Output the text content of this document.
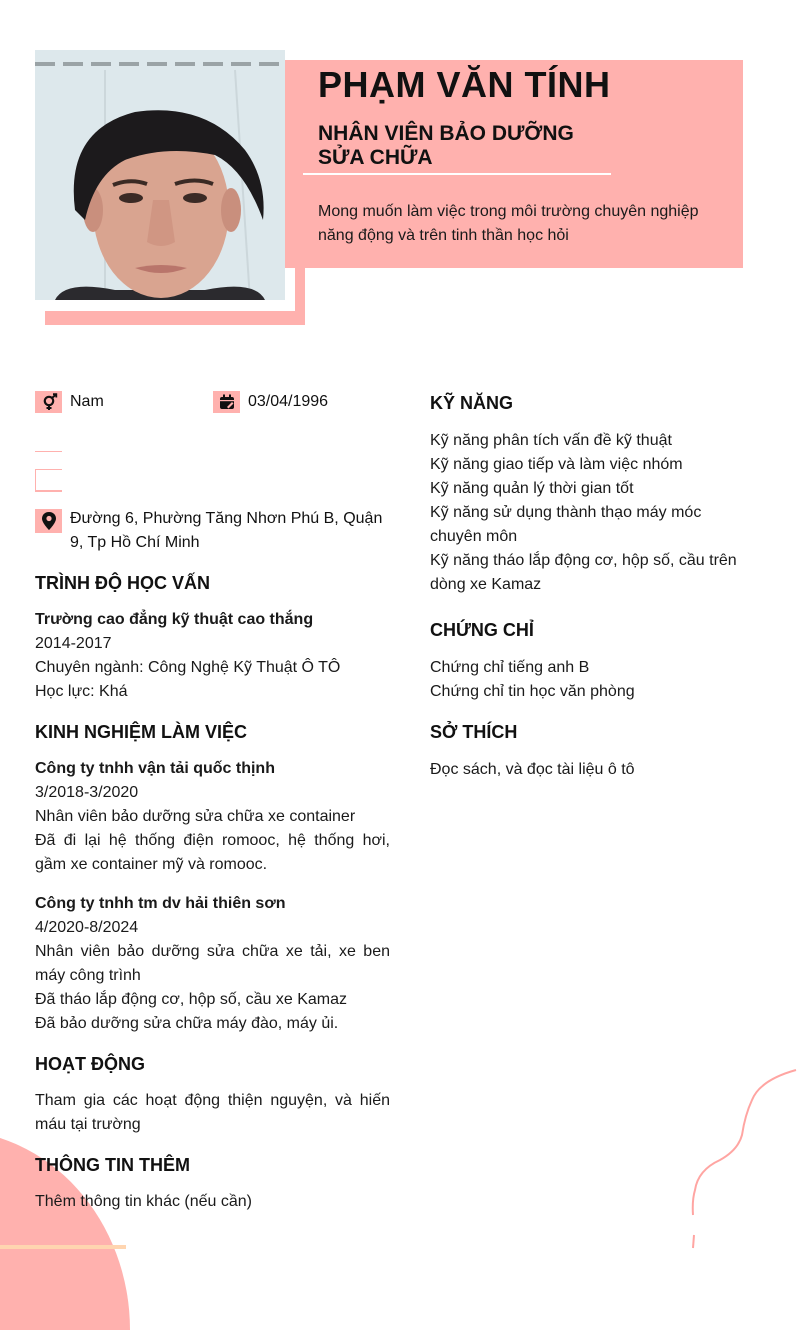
PHẠM VĂN TÍNH
NHÂN VIÊN BẢO DƯỠNG SỬA CHỮA
Mong muốn làm việc trong môi trường chuyên nghiệp năng động và trên tinh thần học hỏi
Nam	03/04/1996
Đường 6, Phường Tăng Nhơn Phú B, Quận 9, Tp Hồ Chí Minh
TRÌNH ĐỘ HỌC VẤN
Trường cao đẳng kỹ thuật cao thắng
2014-2017
Chuyên ngành: Công Nghệ Kỹ Thuật Ô TÔ
Học lực: Khá
KINH NGHIỆM LÀM VIỆC
Công ty tnhh vận tải quốc thịnh
3/2018-3/2020
Nhân viên bảo dưỡng sửa chữa xe container
Đã đi lại hệ thống điện romooc, hệ thống hơi, gầm xe container mỹ và romooc.
Công ty tnhh tm dv hải thiên sơn
4/2020-8/2024
Nhân viên bảo dưỡng sửa chữa xe tải, xe ben máy công trình
Đã tháo lắp động cơ, hộp số, cầu xe Kamaz
Đã bảo dưỡng sửa chữa máy đào, máy ủi.
HOẠT ĐỘNG
Tham gia các hoạt động thiện nguyện, và hiến máu tại trường
THÔNG TIN THÊM
Thêm thông tin khác (nếu cần)
KỸ NĂNG
Kỹ năng phân tích vấn đề kỹ thuật
Kỹ năng giao tiếp và làm việc nhóm
Kỹ năng quản lý thời gian tốt
Kỹ năng sử dụng thành thạo máy móc chuyên môn
Kỹ năng tháo lắp động cơ, hộp số, cầu trên dòng xe Kamaz
CHỨNG CHỈ
Chứng chỉ tiếng anh B
Chứng chỉ tin học văn phòng
SỞ THÍCH
Đọc sách, và đọc tài liệu ô tô
